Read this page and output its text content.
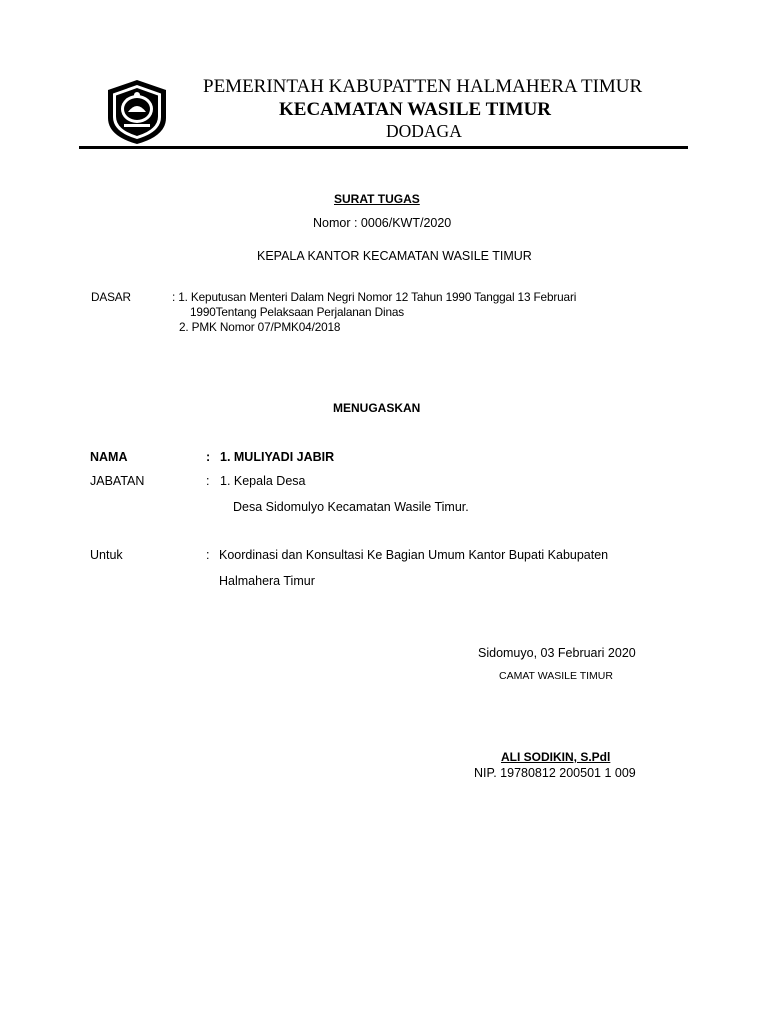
PEMERINTAH KABUPATTEN HALMAHERA TIMUR
KECAMATAN WASILE TIMUR
DODAGA
SURAT TUGAS
Nomor : 0006/KWT/2020
KEPALA KANTOR KECAMATAN WASILE TIMUR
DASAR	: 1. Keputusan Menteri Dalam Negri Nomor 12 Tahun 1990 Tanggal 13 Februari
1990Tentang Pelaksaan Perjalanan Dinas
2. PMK Nomor 07/PMK04/2018
MENUGASKAN
NAMA	: 1. MULIYADI JABIR
JABATAN	: 1. Kepala Desa
Desa Sidomulyo Kecamatan Wasile Timur.
Untuk	: Koordinasi dan Konsultasi Ke Bagian Umum Kantor Bupati Kabupaten
Halmahera Timur
Sidomuyo, 03 Februari 2020
CAMAT WASILE TIMUR
ALI SODIKIN, S.Pdl
NIP. 19780812 200501 1 009
